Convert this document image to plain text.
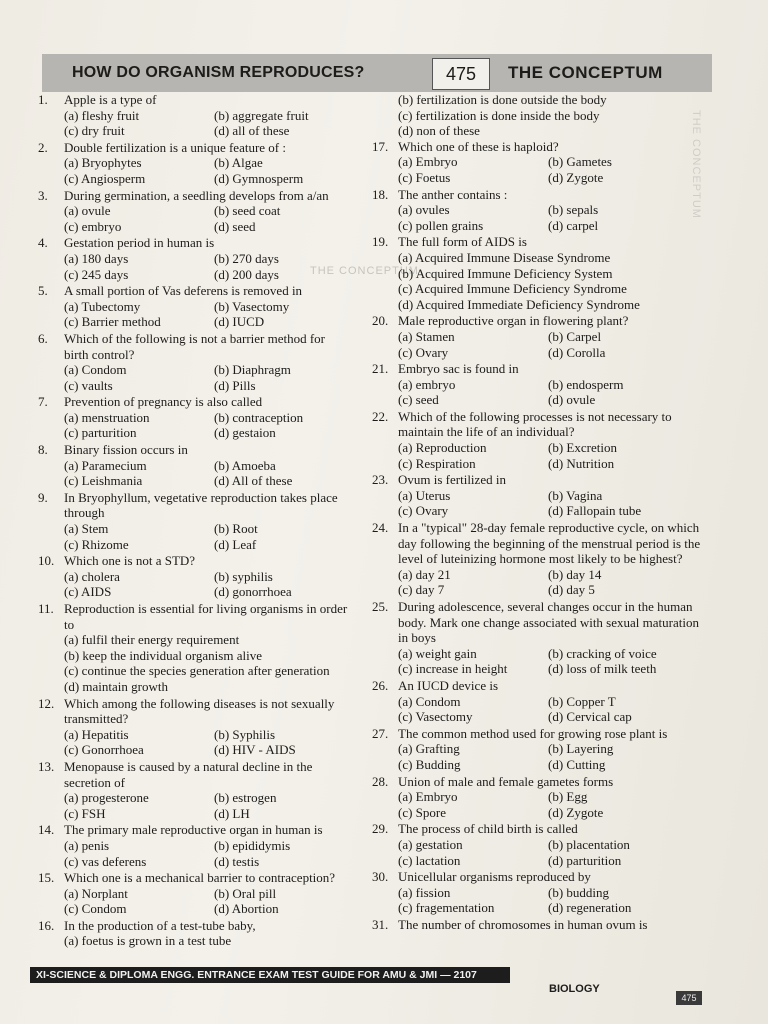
HOW DO ORGANISM REPRODUCES?	475	THE CONCEPTUM
THE CONCEPTUM
THE CONCEPTUM
1.	Apple is a type of
(a) fleshy fruit	(b) aggregate fruit
(c) dry fruit	(d) all of these
2.	Double fertilization is a unique feature of :
(a) Bryophytes	(b) Algae
(c) Angiosperm	(d) Gymnosperm
3.	During germination, a seedling develops from a/an
(a) ovule	(b) seed coat
(c) embryo	(d) seed
4.	Gestation period in human is
(a) 180 days	(b) 270 days
(c) 245 days	(d) 200 days
5.	A small portion of Vas deferens is removed in
(a) Tubectomy	(b) Vasectomy
(c) Barrier method	(d) IUCD
6.	Which of the following is not a barrier method for birth control?
(a) Condom	(b) Diaphragm
(c) vaults	(d) Pills
7.	Prevention of pregnancy is also called
(a) menstruation	(b) contraception
(c) parturition	(d) gestaion
8.	Binary fission occurs in
(a) Paramecium	(b) Amoeba
(c) Leishmania	(d) All of these
9.	In Bryophyllum, vegetative reproduction takes place through
(a) Stem	(b) Root
(c) Rhizome	(d) Leaf
10. Which one is not a STD?
(a) cholera	(b) syphilis
(c) AIDS	(d) gonorrhoea
11. Reproduction is essential for living organisms in order to
(a) fulfil their energy requirement
(b) keep the individual organism alive
(c) continue the species generation after generation
(d) maintain growth
12. Which among the following diseases is not sexually transmitted?
(a) Hepatitis	(b) Syphilis
(c) Gonorrhoea	(d) HIV - AIDS
13. Menopause is caused by a natural decline in the secretion of
(a) progesterone	(b) estrogen
(c) FSH	(d) LH
14. The primary male reproductive organ in human is
(a) penis	(b) epididymis
(c) vas deferens	(d) testis
15. Which one is a mechanical barrier to contraception?
(a) Norplant	(b) Oral pill
(c) Condom	(d) Abortion
16. In the production of a test-tube baby,
(a) foetus is grown in a test tube
(b) fertilization is done outside the body
(c) fertilization is done inside the body
(d) non of these
17. Which one of these is haploid?
(a) Embryo	(b) Gametes
(c) Foetus	(d) Zygote
18. The anther contains :
(a) ovules	(b) sepals
(c) pollen grains	(d) carpel
19. The full form of AIDS is
(a) Acquired Immune Disease Syndrome
(b) Acquired Immune Deficiency System
(c) Acquired Immune Deficiency Syndrome
(d) Acquired Immediate Deficiency Syndrome
20. Male reproductive organ in flowering plant?
(a) Stamen	(b) Carpel
(c) Ovary	(d) Corolla
21. Embryo sac is found in
(a) embryo	(b) endosperm
(c) seed	(d) ovule
22. Which of the following processes is not necessary to maintain the life of an individual?
(a) Reproduction	(b) Excretion
(c) Respiration	(d) Nutrition
23. Ovum is fertilized in
(a) Uterus	(b) Vagina
(c) Ovary	(d) Fallopain tube
24. In a "typical" 28-day female reproductive cycle, on which day following the beginning of the menstrual period is the level of luteinizing hormone most likely to be highest?
(a) day 21	(b) day 14
(c) day 7	(d) day 5
25. During adolescence, several changes occur in the human body. Mark one change associated with sexual maturation in boys
(a) weight gain	(b) cracking of voice
(c) increase in height	(d) loss of milk teeth
26. An IUCD device is
(a) Condom	(b) Copper T
(c) Vasectomy	(d) Cervical cap
27. The common method used for growing rose plant is
(a) Grafting	(b) Layering
(c) Budding	(d) Cutting
28. Union of male and female gametes forms
(a) Embryo	(b) Egg
(c) Spore	(d) Zygote
29. The process of child birth is called
(a) gestation	(b) placentation
(c) lactation	(d) parturition
30. Unicellular organisms reproduced by
(a) fission	(b) budding
(c) fragementation	(d) regeneration
31. The number of chromosomes in human ovum is
XI-SCIENCE & DIPLOMA ENGG. ENTRANCE EXAM TEST GUIDE FOR AMU & JMI — 2107
BIOLOGY
475
